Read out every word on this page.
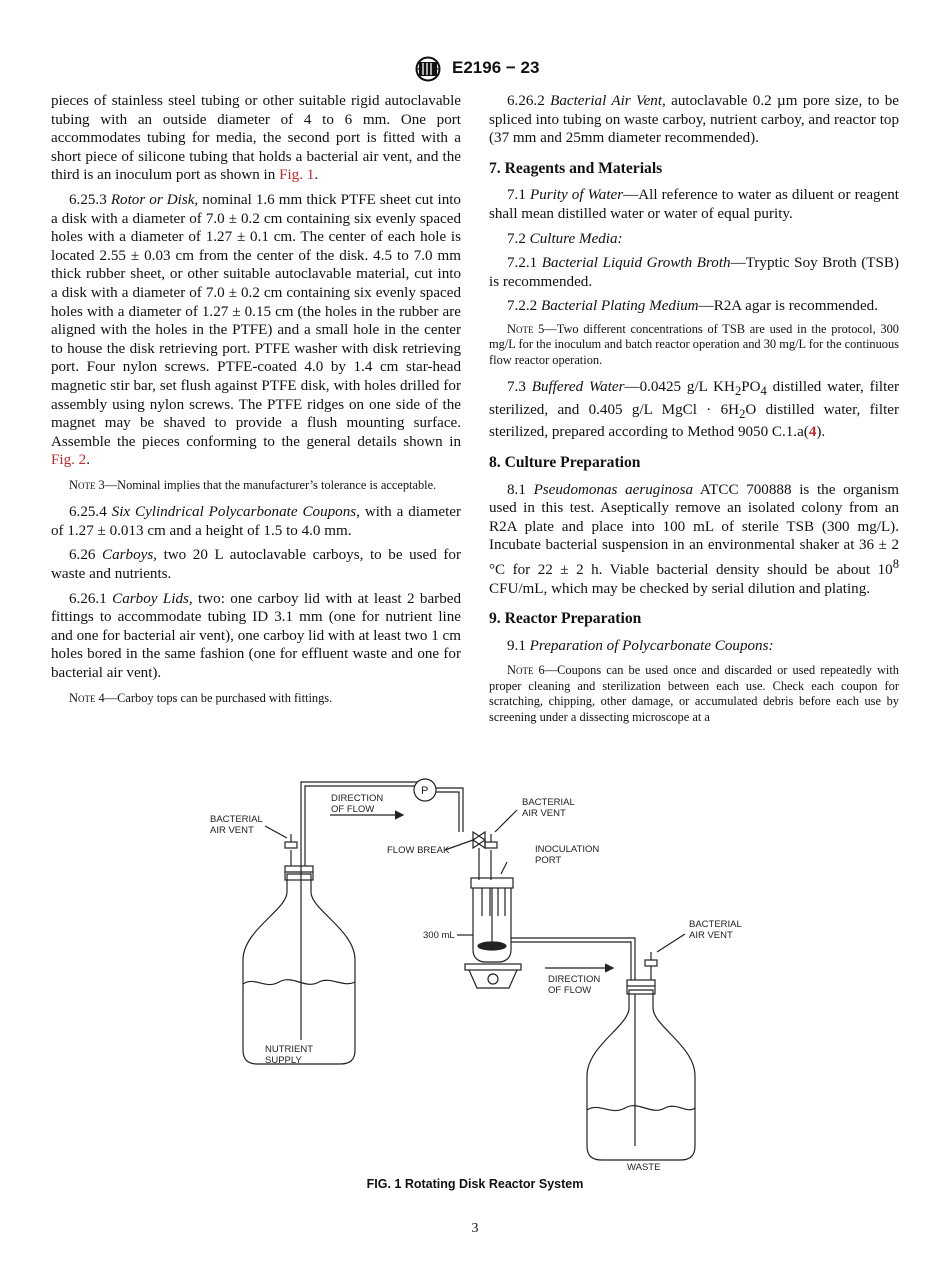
E2196 − 23

pieces of stainless steel tubing or other suitable rigid autoclavable tubing with an outside diameter of 4 to 6 mm. One port accommodates tubing for media, the second port is fitted with a short piece of silicone tubing that holds a bacterial air vent, and the third is an inoculum port as shown in Fig. 1.

6.25.3 Rotor or Disk, nominal 1.6 mm thick PTFE sheet cut into a disk with a diameter of 7.0 ± 0.2 cm containing six evenly spaced holes with a diameter of 1.27 ± 0.1 cm. The center of each hole is located 2.55 ± 0.03 cm from the center of the disk. 4.5 to 7.0 mm thick rubber sheet, or other suitable autoclavable material, cut into a disk with a diameter of 7.0 ± 0.2 cm containing six evenly spaced holes with a diameter of 1.27 ± 0.15 cm (the holes in the rubber are aligned with the holes in the PTFE) and a small hole in the center to house the disk retrieving port. PTFE washer with disk retrieving port. Four nylon screws. PTFE-coated 4.0 by 1.4 cm star-head magnetic stir bar, set flush against PTFE disk, with holes drilled for assembly using nylon screws. The PTFE ridges on one side of the magnet may be shaved to provide a flush mounting surface. Assemble the pieces conforming to the general details shown in Fig. 2.

Note 3—Nominal implies that the manufacturer’s tolerance is acceptable.

6.25.4 Six Cylindrical Polycarbonate Coupons, with a diameter of 1.27 ± 0.013 cm and a height of 1.5 to 4.0 mm.

6.26 Carboys, two 20 L autoclavable carboys, to be used for waste and nutrients.

6.26.1 Carboy Lids, two: one carboy lid with at least 2 barbed fittings to accommodate tubing ID 3.1 mm (one for nutrient line and one for bacterial air vent), one carboy lid with at least two 1 cm holes bored in the same fashion (one for effluent waste and one for bacterial air vent).

Note 4—Carboy tops can be purchased with fittings.

6.26.2 Bacterial Air Vent, autoclavable 0.2 µm pore size, to be spliced into tubing on waste carboy, nutrient carboy, and reactor top (37 mm and 25mm diameter recommended).

7. Reagents and Materials

7.1 Purity of Water—All reference to water as diluent or reagent shall mean distilled water or water of equal purity.

7.2 Culture Media:

7.2.1 Bacterial Liquid Growth Broth—Tryptic Soy Broth (TSB) is recommended.

7.2.2 Bacterial Plating Medium—R2A agar is recommended.

Note 5—Two different concentrations of TSB are used in the protocol, 300 mg/L for the inoculum and batch reactor operation and 30 mg/L for the continuous flow reactor operation.

7.3 Buffered Water—0.0425 g/L $KH_2PO_4$ distilled water, filter sterilized, and 0.405 g/L MgCl · $6H_2O$ distilled water, filter sterilized, prepared according to Method 9050 C.1.a(4).

8. Culture Preparation

8.1 Pseudomonas aeruginosa ATCC 700888 is the organism used in this test. Aseptically remove an isolated colony from an R2A plate and place into 100 mL of sterile TSB (300 mg/L). Incubate bacterial suspension in an environmental shaker at 36 ± 2 °C for 22 ± 2 h. Viable bacterial density should be about $10^8$ CFU/mL, which may be checked by serial dilution and plating.

9. Reactor Preparation

9.1 Preparation of Polycarbonate Coupons:

Note 6—Coupons can be used once and discarded or used repeatedly with proper cleaning and sterilization between each use. Check each coupon for scratching, chipping, other damage, or accumulated debris before each use by screening under a dissecting microscope at a
BACTERIAL
AIR VENT
DIRECTION
OF FLOW
P
BACTERIAL
AIR VENT
FLOW BREAK	INOCULATION
PORT
300 mL
BACTERIAL
AIR VENT
DIRECTION
OF FLOW
NUTRIENT
SUPPLY
WASTE
FIG. 1 Rotating Disk Reactor System
3
